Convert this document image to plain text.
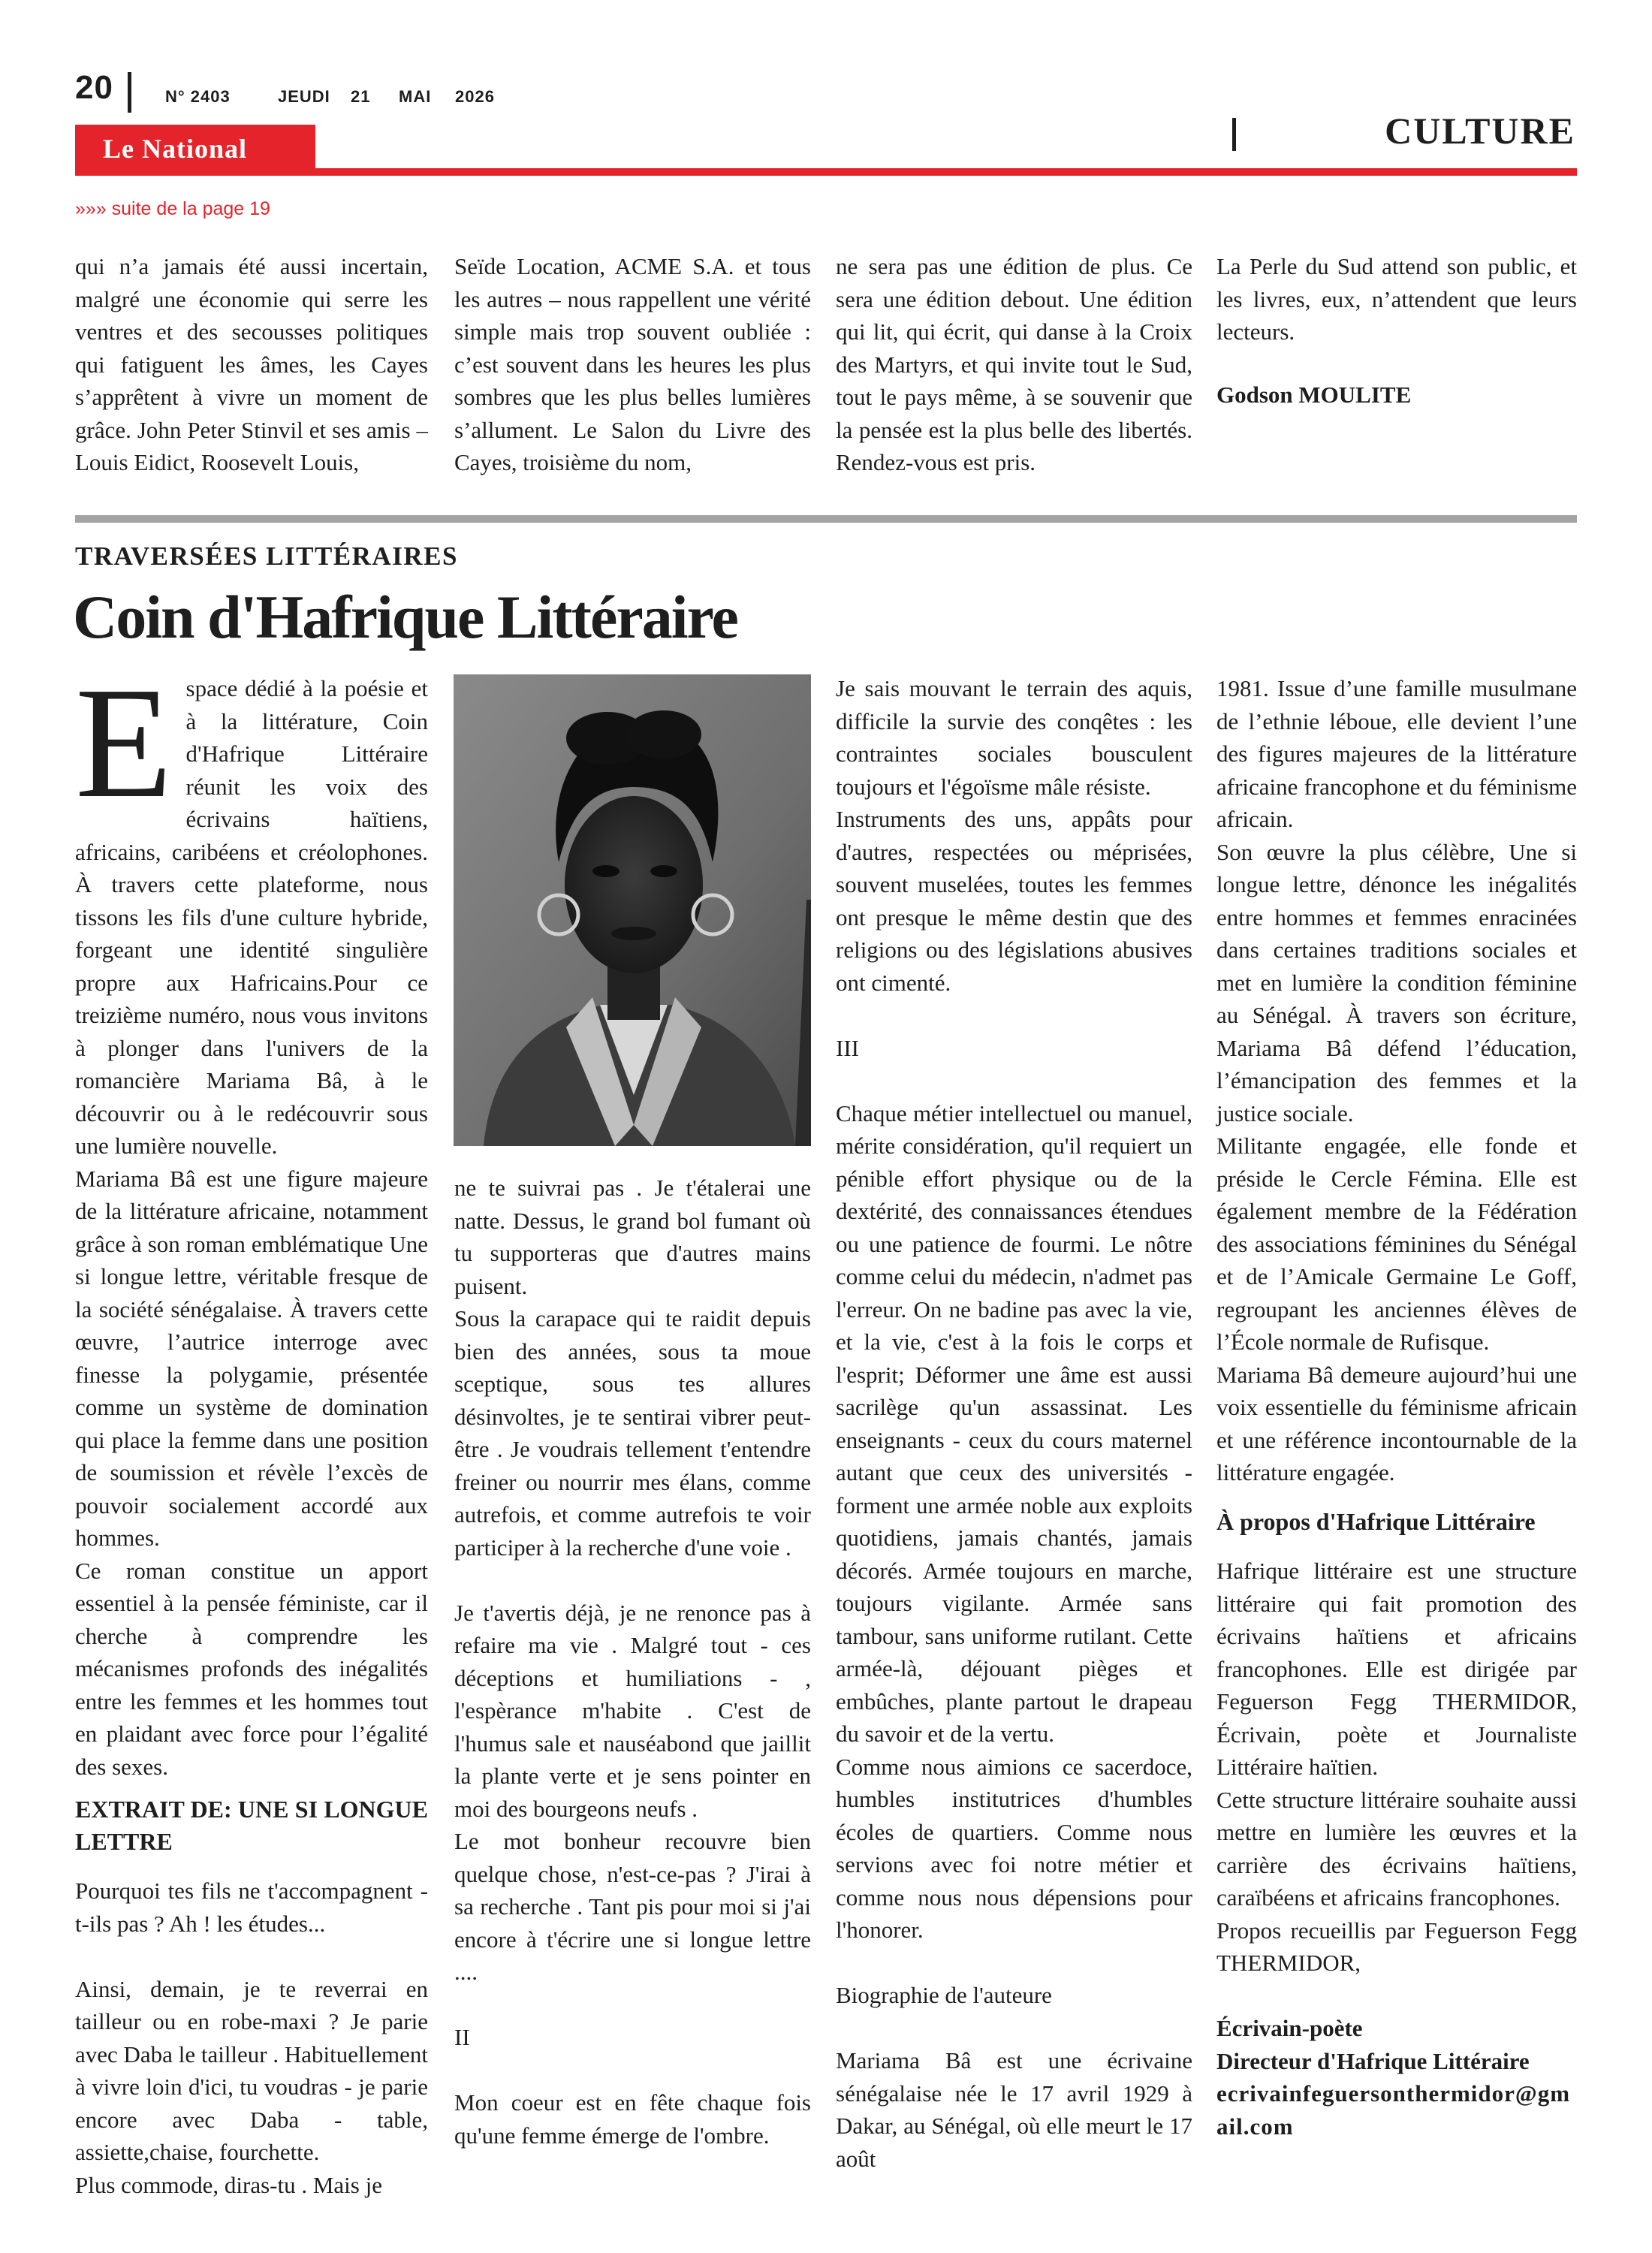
20	N° 2403	JEUDI 21 MAI 2026
CULTURE
Le National
»»» suite de la page 19

qui n’a jamais été aussi incertain, malgré une économie qui serre les ventres et des secousses politiques qui fatiguent les âmes, les Cayes s’apprêtent à vivre un moment de grâce. John Peter Stinvil et ses amis – Louis Eidict, Roosevelt Louis,

Seïde Location, ACME S.A. et tous les autres – nous rappellent une vérité simple mais trop souvent oubliée : c’est souvent dans les heures les plus sombres que les plus belles lumières s’allument. Le Salon du Livre des Cayes, troisième du nom,

ne sera pas une édition de plus. Ce sera une édition debout. Une édition qui lit, qui écrit, qui danse à la Croix des Martyrs, et qui invite tout le Sud, tout le pays même, à se souvenir que la pensée est la plus belle des libertés. Rendez-vous est pris.

La Perle du Sud attend son public, et les livres, eux, n’attendent que leurs lecteurs.

Godson MOULITE

TRAVERSÉES LITTÉRAIRES
Coin d'Hafrique Littéraire

Espace dédié à la poésie et à la littérature, Coin d'Hafrique Littéraire réunit les voix des écrivains haïtiens, africains, caribéens et créolophones. À travers cette plateforme, nous tissons les fils d'une culture hybride, forgeant une identité singulière propre aux Hafricains.Pour ce treizième numéro, nous vous invitons à plonger dans l'univers de la romancière Mariama Bâ, à le découvrir ou à le redécouvrir sous une lumière nouvelle.

Mariama Bâ est une figure majeure de la littérature africaine, notamment grâce à son roman emblématique Une si longue lettre, véritable fresque de la société sénégalaise. À travers cette œuvre, l’autrice interroge avec finesse la polygamie, présentée comme un système de domination qui place la femme dans une position de soumission et révèle l’excès de pouvoir socialement accordé aux hommes.

Ce roman constitue un apport essentiel à la pensée féministe, car il cherche à comprendre les mécanismes profonds des inégalités entre les femmes et les hommes tout en plaidant avec force pour l’égalité des sexes.

EXTRAIT DE: UNE SI LONGUE LETTRE

Pourquoi tes fils ne t'accompagnent -t-ils pas ? Ah ! les études...

Ainsi, demain, je te reverrai en tailleur ou en robe-maxi ? Je parie avec Daba le tailleur . Habituellement à vivre loin d'ici, tu voudras - je parie encore avec Daba - table, assiette,chaise, fourchette.

Plus commode, diras-tu . Mais je

ne te suivrai pas . Je t'étalerai une natte. Dessus, le grand bol fumant où tu supporteras que d'autres mains puisent.

Sous la carapace qui te raidit depuis bien des années, sous ta moue sceptique, sous tes allures désinvoltes, je te sentirai vibrer peut-être . Je voudrais tellement t'entendre freiner ou nourrir mes élans, comme autrefois, et comme autrefois te voir participer à la recherche d'une voie .

Je t'avertis déjà, je ne renonce pas à refaire ma vie . Malgré tout - ces déceptions et humiliations - , l'espèrance m'habite . C'est de l'humus sale et nauséabond que jaillit la plante verte et je sens pointer en moi des bourgeons neufs .

Le mot bonheur recouvre bien quelque chose, n'est-ce-pas ? J'irai à sa recherche . Tant pis pour moi si j'ai encore à t'écrire une si longue lettre ....

II

Mon coeur est en fête chaque fois qu'une femme émerge de l'ombre.

Je sais mouvant le terrain des aquis, difficile la survie des conqêtes : les contraintes sociales bousculent toujours et l'égoïsme mâle résiste.

Instruments des uns, appâts pour d'autres, respectées ou méprisées, souvent muselées, toutes les femmes ont presque le même destin que des religions ou des législations abusives ont cimenté.

III

Chaque métier intellectuel ou manuel, mérite considération, qu'il requiert un pénible effort physique ou de la dextérité, des connaissances étendues ou une patience de fourmi. Le nôtre comme celui du médecin, n'admet pas l'erreur. On ne badine pas avec la vie, et la vie, c'est à la fois le corps et l'esprit; Déformer une âme est aussi sacrilège qu'un assassinat. Les enseignants - ceux du cours maternel autant que ceux des universités - forment une armée noble aux exploits quotidiens, jamais chantés, jamais décorés. Armée toujours en marche, toujours vigilante. Armée sans tambour, sans uniforme rutilant. Cette armée-là, déjouant pièges et embûches, plante partout le drapeau du savoir et de la vertu.

Comme nous aimions ce sacerdoce, humbles institutrices d'humbles écoles de quartiers. Comme nous servions avec foi notre métier et comme nous nous dépensions pour l'honorer.

Biographie de l'auteure

Mariama Bâ est une écrivaine sénégalaise née le 17 avril 1929 à Dakar, au Sénégal, où elle meurt le 17 août

1981. Issue d’une famille musulmane de l’ethnie léboue, elle devient l’une des figures majeures de la littérature africaine francophone et du féminisme africain.

Son œuvre la plus célèbre, Une si longue lettre, dénonce les inégalités entre hommes et femmes enracinées dans certaines traditions sociales et met en lumière la condition féminine au Sénégal. À travers son écriture, Mariama Bâ défend l’éducation, l’émancipation des femmes et la justice sociale.

Militante engagée, elle fonde et préside le Cercle Fémina. Elle est également membre de la Fédération des associations féminines du Sénégal et de l’Amicale Germaine Le Goff, regroupant les anciennes élèves de l’École normale de Rufisque.

Mariama Bâ demeure aujourd’hui une voix essentielle du féminisme africain et une référence incontournable de la littérature engagée.

À propos d'Hafrique Littéraire

Hafrique littéraire est une structure littéraire qui fait promotion des écrivains haïtiens et africains francophones. Elle est dirigée par Feguerson Fegg THERMIDOR, Écrivain, poète et Journaliste Littéraire haïtien.

Cette structure littéraire souhaite aussi mettre en lumière les œuvres et la carrière des écrivains haïtiens, caraïbéens et africains francophones.

Propos recueillis par Feguerson Fegg THERMIDOR,

Écrivain-poète

Directeur d'Hafrique Littéraire

ecrivainfeguersonthermidor@gmail.com
